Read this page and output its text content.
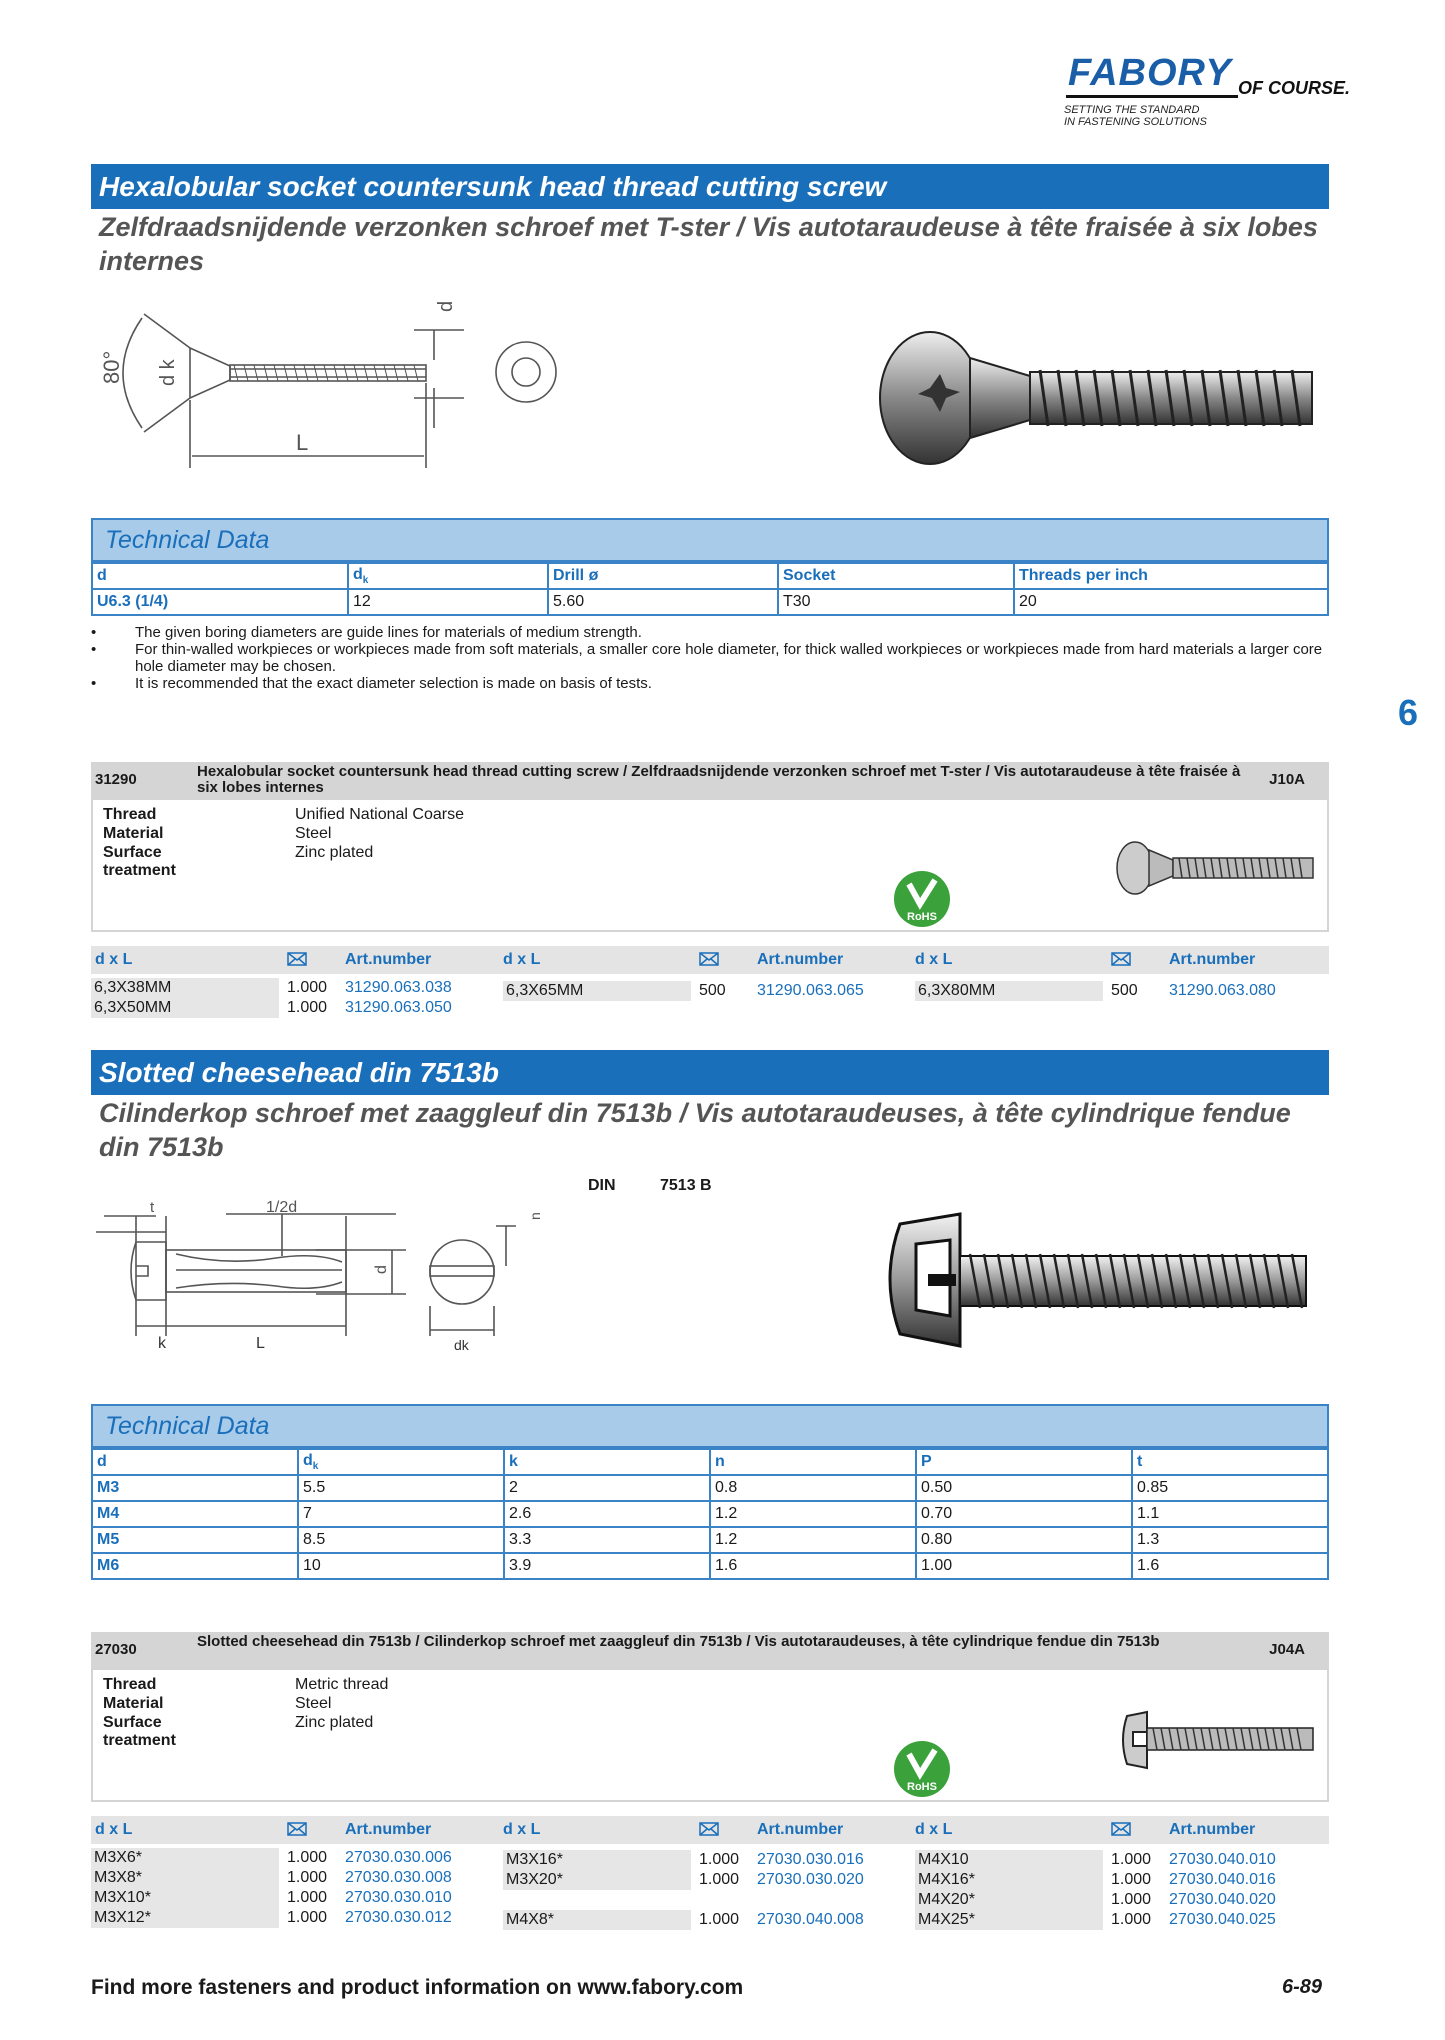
FABORY OF COURSE.
SETTING THE STANDARD
IN FASTENING SOLUTIONS
6
Hexalobular socket countersunk head thread cutting screw
Zelfdraadsnijdende verzonken schroef met T-ster / Vis autotaraudeuse à tête fraisée à six lobes internes
80° d k
d
L
Technical Data
d	$d_k$	Drill ø	Socket	Threads per inch
U6.3 (1/4)	12	5.60	T30	20
•	The given boring diameters are guide lines for materials of medium strength.
•	For thin-walled workpieces or workpieces made from soft materials, a smaller core hole diameter, for thick walled workpieces or workpieces made from hard materials a larger core hole diameter may be chosen.
•	It is recommended that the exact diameter selection is made on basis of tests.
31290	Hexalobular socket countersunk head thread cutting screw / Zelfdraadsnijdende verzonken schroef met T-ster / Vis autotaraudeuse à tête fraisée à six lobes internes	J10A
Thread	Unified National Coarse
Material	Steel
Surface treatment
Zinc plated
RoHS
d x L	Art.number	d x L	Art.number	d x L	Art.number
6,3X38MM	1.000 31290.063.038
6,3X50MM	1.000 31290.063.050
6,3X65MM	500 31290.063.065	6,3X80MM	500 31290.063.080
Slotted cheesehead din 7513b
Cilinderkop schroef met zaaggleuf din 7513b / Vis autotaraudeuses, à tête cylindrique fendue din 7513b
DIN	7513 B
t	1/2d
n
d
k	L	dk
Technical Data
d	$d_k$	k	n	P	t
M3	5.5	2	0.8	0.50	0.85
M4	7	2.6	1.2	0.70	1.1
M5	8.5	3.3	1.2	0.80	1.3
M6	10	3.9	1.6	1.00	1.6
27030	Slotted cheesehead din 7513b / Cilinderkop schroef met zaaggleuf din 7513b / Vis autotaraudeuses, à tête cylindrique fendue din 7513b	J04A
Thread	Metric thread
Material	Steel
Surface treatment
Zinc plated
RoHS
d x L	Art.number	d x L	Art.number	d x L	Art.number
M3X6*	1.000 27030.030.006
M3X8*	1.000 27030.030.008
M3X10*	1.000 27030.030.010
M3X12*	1.000 27030.030.012
M3X16*	1.000 27030.030.016
M3X20*	1.000 27030.030.020
M4X8*	1.000 27030.040.008
M4X10	1.000 27030.040.010
M4X16*	1.000 27030.040.016
M4X20*	1.000 27030.040.020
M4X25*	1.000 27030.040.025
Find more fasteners and product information on www.fabory.com	6-89
